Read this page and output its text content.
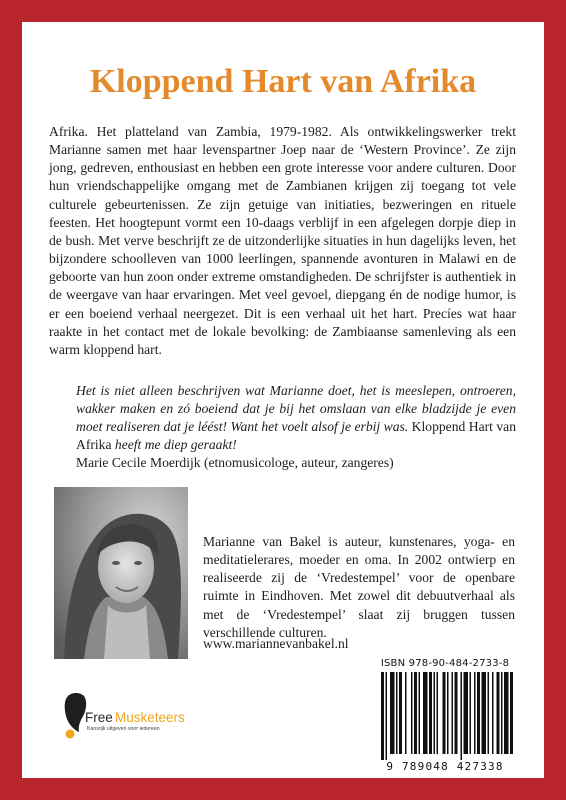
Kloppend Hart van Afrika

Afrika. Het platteland van Zambia, 1979-1982. Als ontwikkelingswerker trekt Marianne samen met haar levenspartner Joep naar de ‘Western Province’. Ze zijn jong, gedreven, enthousiast en hebben een grote interesse voor andere culturen. Door hun vriendschappelijke omgang met de Zambianen krijgen zij toegang tot vele culturele gebeurtenissen. Ze zijn getuige van initiaties, bezweringen en rituele feesten. Het hoogtepunt vormt een 10-daags verblijf in een afgelegen dorpje diep in de bush. Met verve beschrijft ze de uitzonderlijke situaties in hun dagelijks leven, het bijzondere schoolleven van 1000 leerlingen, spannende avonturen in Malawi en de geboorte van hun zoon onder extreme omstandigheden. De schrijfster is authentiek in de weergave van haar ervaringen. Met veel gevoel, diepgang én de nodige humor, is er een boeiend verhaal neergezet. Dit is een verhaal uit het hart. Precíes wat haar raakte in het contact met de lokale bevolking: de Zambiaanse samenleving als een warm kloppend hart.

Het is niet alleen beschrijven wat Marianne doet, het is meeslepen, ontroeren, wakker maken en zó boeiend dat je bij het omslaan van elke bladzijde je even moet realiseren dat je léést! Want het voelt alsof je erbij was. Kloppend Hart van Afrika heeft me diep geraakt!

Marie Cecile Moerdijk (etnomusicologe, auteur, zangeres)

Marianne van Bakel is auteur, kunstenares, yoga- en meditatielerares, moeder en oma. In 2002 ontwierp en realiseerde zij de ‘Vredestempel’ voor de openbare ruimte in Eindhoven. Met zowel dit debuutverhaal als met de ‘Vredestempel’ slaat zij bruggen tussen verschillende culturen.

www.mariannevanbakel.nl

ISBN 978-90-484-2733-8
9 789048 427338
Free Musketeers
Kansrijk uitgeven voor iedereen
